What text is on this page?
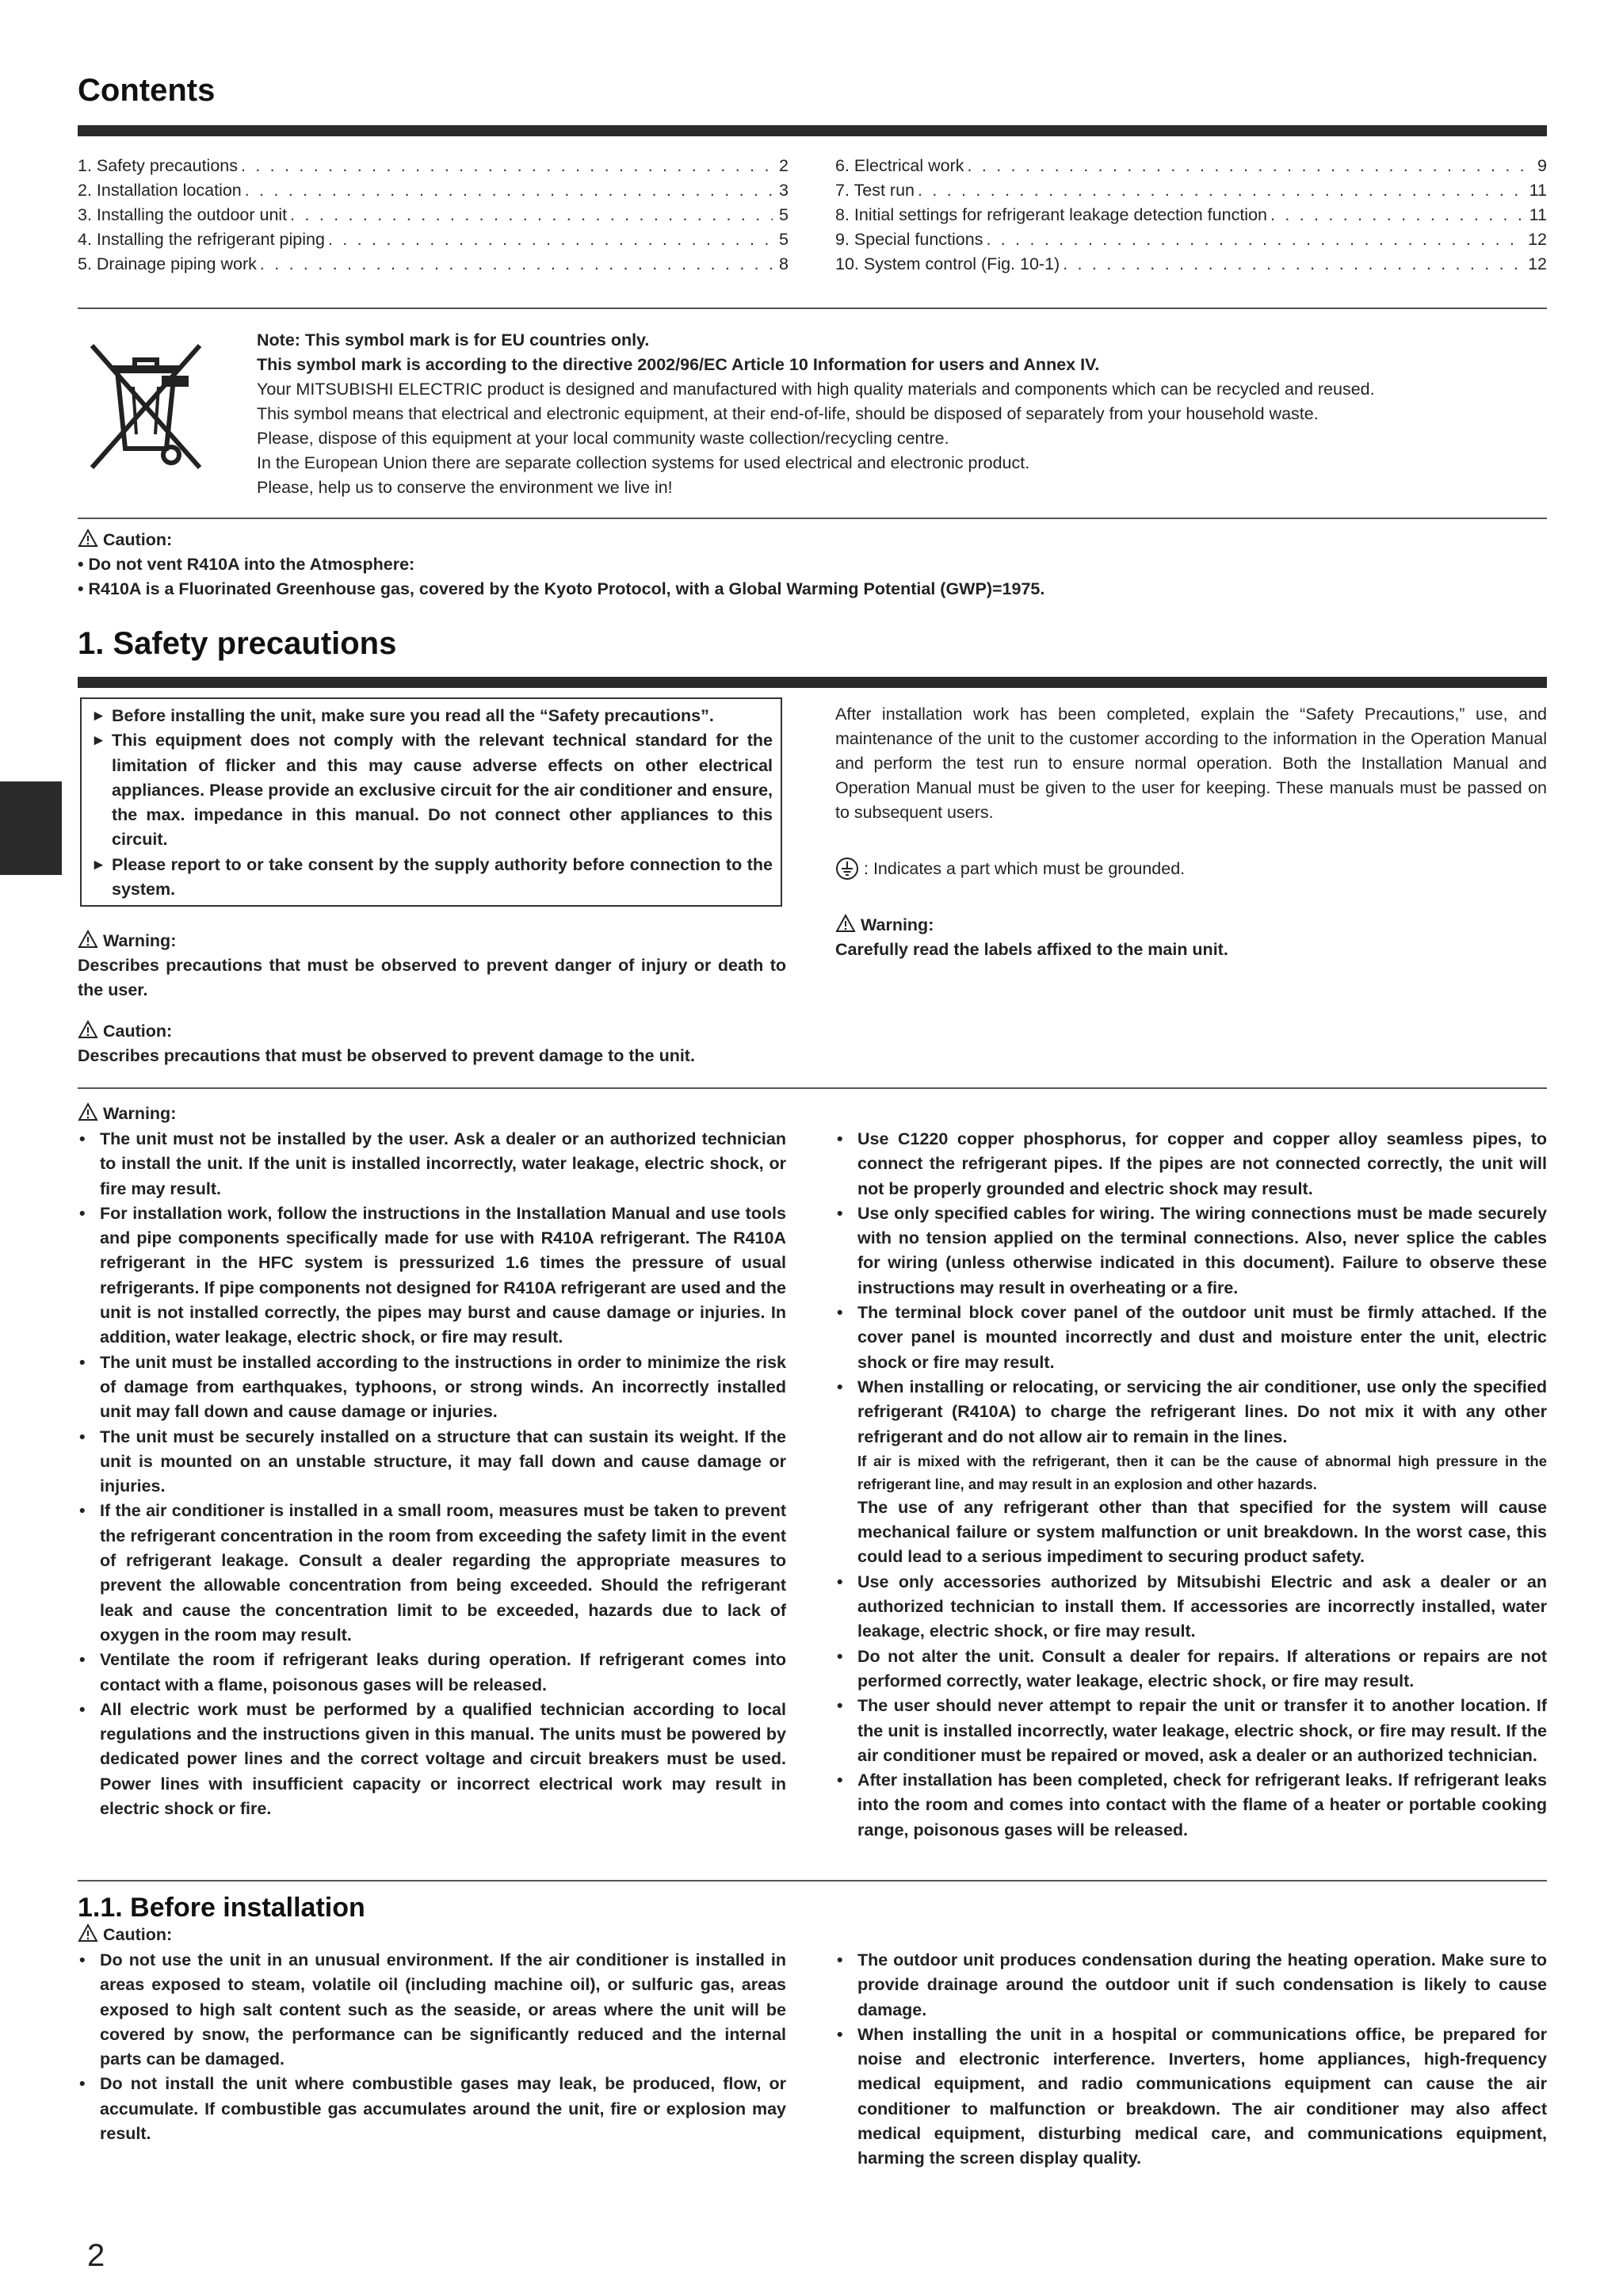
Contents
1. Safety precautions . . .	2
2. Installation location . . .	3
3. Installing the outdoor unit . . .	5
4. Installing the refrigerant piping . . .	5
5. Drainage piping work . . .	8
6. Electrical work . . .	9
7. Test run . . .	11
8. Initial settings for refrigerant leakage detection function . . .	11
9. Special functions . . .	12
10. System control (Fig. 10-1) . . .	12
Note: This symbol mark is for EU countries only.
This symbol mark is according to the directive 2002/96/EC Article 10 Information for users and Annex IV.
Your MITSUBISHI ELECTRIC product is designed and manufactured with high quality materials and components which can be recycled and reused.
This symbol means that electrical and electronic equipment, at their end-of-life, should be disposed of separately from your household waste.
Please, dispose of this equipment at your local community waste collection/recycling centre.
In the European Union there are separate collection systems for used electrical and electronic product.
Please, help us to conserve the environment we live in!
Caution:
• Do not vent R410A into the Atmosphere:
• R410A is a Fluorinated Greenhouse gas, covered by the Kyoto Protocol, with a Global Warming Potential (GWP)=1975.
1. Safety precautions
► Before installing the unit, make sure you read all the “Safety precautions”.
► This equipment does not comply with the relevant technical standard for the limitation of flicker and this may cause adverse effects on other electrical appliances. Please provide an exclusive circuit for the air conditioner and ensure, the max. impedance in this manual. Do not connect other appliances to this circuit.
► Please report to or take consent by the supply authority before connection to the system.
Warning:
Describes precautions that must be observed to prevent danger of injury or death to the user.
Caution:
Describes precautions that must be observed to prevent damage to the unit.
After installation work has been completed, explain the “Safety Precautions,” use, and maintenance of the unit to the customer according to the information in the Operation Manual and perform the test run to ensure normal operation. Both the Installation Manual and Operation Manual must be given to the user for keeping. These manuals must be passed on to subsequent users.
: Indicates a part which must be grounded.
Warning:
Carefully read the labels affixed to the main unit.
Warning:
• The unit must not be installed by the user. Ask a dealer or an authorized technician to install the unit. If the unit is installed incorrectly, water leakage, electric shock, or fire may result.
• For installation work, follow the instructions in the Installation Manual and use tools and pipe components specifically made for use with R410A refrigerant. The R410A refrigerant in the HFC system is pressurized 1.6 times the pressure of usual refrigerants. If pipe components not designed for R410A refrigerant are used and the unit is not installed correctly, the pipes may burst and cause damage or injuries. In addition, water leakage, electric shock, or fire may result.
• The unit must be installed according to the instructions in order to minimize the risk of damage from earthquakes, typhoons, or strong winds. An incorrectly installed unit may fall down and cause damage or injuries.
• The unit must be securely installed on a structure that can sustain its weight. If the unit is mounted on an unstable structure, it may fall down and cause damage or injuries.
• If the air conditioner is installed in a small room, measures must be taken to prevent the refrigerant concentration in the room from exceeding the safety limit in the event of refrigerant leakage. Consult a dealer regarding the appropriate measures to prevent the allowable concentration from being exceeded. Should the refrigerant leak and cause the concentration limit to be exceeded, hazards due to lack of oxygen in the room may result.
• Ventilate the room if refrigerant leaks during operation. If refrigerant comes into contact with a flame, poisonous gases will be released.
• All electric work must be performed by a qualified technician according to local regulations and the instructions given in this manual. The units must be powered by dedicated power lines and the correct voltage and circuit breakers must be used. Power lines with insufficient capacity or incorrect electrical work may result in electric shock or fire.
• Use C1220 copper phosphorus, for copper and copper alloy seamless pipes, to connect the refrigerant pipes. If the pipes are not connected correctly, the unit will not be properly grounded and electric shock may result.
• Use only specified cables for wiring. The wiring connections must be made securely with no tension applied on the terminal connections. Also, never splice the cables for wiring (unless otherwise indicated in this document). Failure to observe these instructions may result in overheating or a fire.
• The terminal block cover panel of the outdoor unit must be firmly attached. If the cover panel is mounted incorrectly and dust and moisture enter the unit, electric shock or fire may result.
• When installing or relocating, or servicing the air conditioner, use only the specified refrigerant (R410A) to charge the refrigerant lines. Do not mix it with any other refrigerant and do not allow air to remain in the lines.
If air is mixed with the refrigerant, then it can be the cause of abnormal high pressure in the refrigerant line, and may result in an explosion and other hazards.
The use of any refrigerant other than that specified for the system will cause mechanical failure or system malfunction or unit breakdown. In the worst case, this could lead to a serious impediment to securing product safety.
• Use only accessories authorized by Mitsubishi Electric and ask a dealer or an authorized technician to install them. If accessories are incorrectly installed, water leakage, electric shock, or fire may result.
• Do not alter the unit. Consult a dealer for repairs. If alterations or repairs are not performed correctly, water leakage, electric shock, or fire may result.
• The user should never attempt to repair the unit or transfer it to another location. If the unit is installed incorrectly, water leakage, electric shock, or fire may result. If the air conditioner must be repaired or moved, ask a dealer or an authorized technician.
• After installation has been completed, check for refrigerant leaks. If refrigerant leaks into the room and comes into contact with the flame of a heater or portable cooking range, poisonous gases will be released.
1.1. Before installation
Caution:
• Do not use the unit in an unusual environment. If the air conditioner is installed in areas exposed to steam, volatile oil (including machine oil), or sulfuric gas, areas exposed to high salt content such as the seaside, or areas where the unit will be covered by snow, the performance can be significantly reduced and the internal parts can be damaged.
• Do not install the unit where combustible gases may leak, be produced, flow, or accumulate. If combustible gas accumulates around the unit, fire or explosion may result.
• The outdoor unit produces condensation during the heating operation. Make sure to provide drainage around the outdoor unit if such condensation is likely to cause damage.
• When installing the unit in a hospital or communications office, be prepared for noise and electronic interference. Inverters, home appliances, high-frequency medical equipment, and radio communications equipment can cause the air conditioner to malfunction or breakdown. The air conditioner may also affect medical equipment, disturbing medical care, and communications equipment, harming the screen display quality.
2
